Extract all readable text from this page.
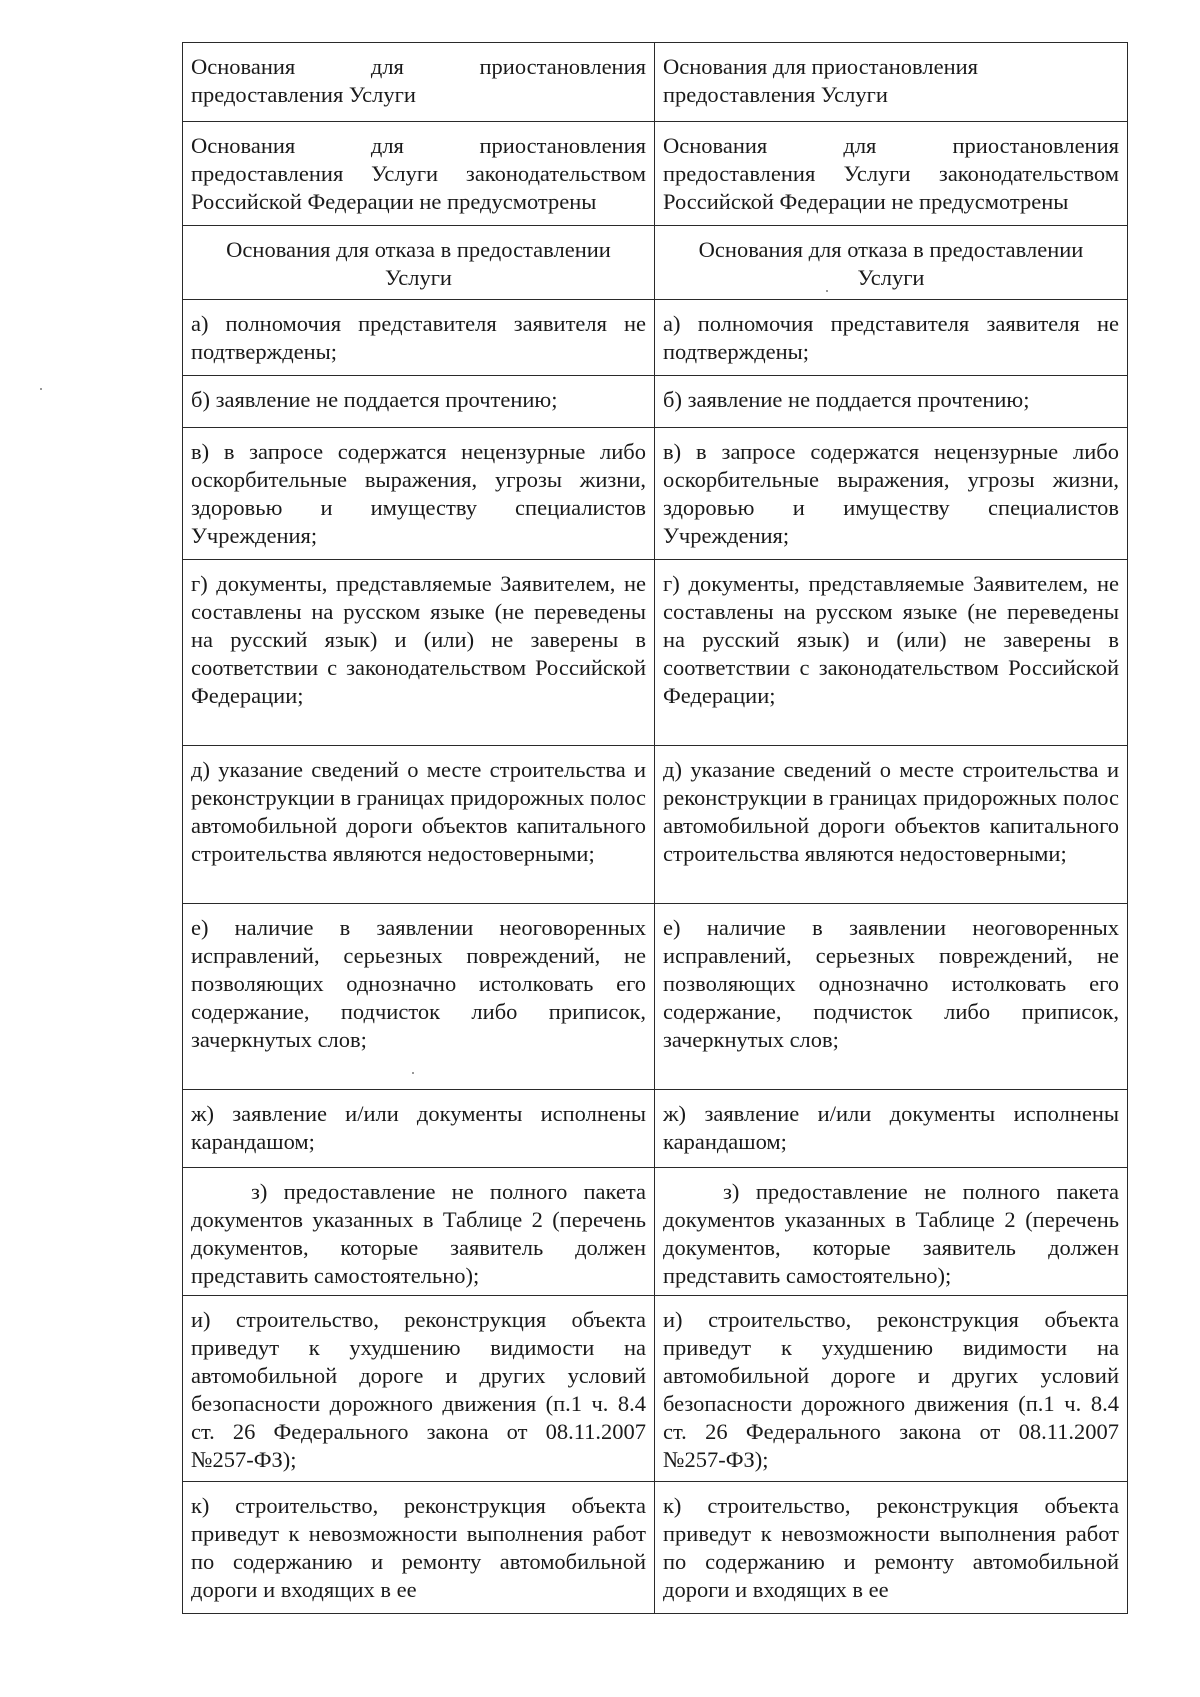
Основания для приостановления предоставления Услуги
Основания для приостановления предоставления Услуги
Основания для приостановления предоставления Услуги законодательством Российской Федерации не предусмотрены
Основания для приостановления предоставления Услуги законодательством Российской Федерации не предусмотрены
Основания для отказа в предоставлении Услуги
Основания для отказа в предоставлении Услуги
а) полномочия представителя заявителя не подтверждены;
а) полномочия представителя заявителя не подтверждены;
б) заявление не поддается прочтению;	б) заявление не поддается прочтению;
в) в запросе содержатся нецензурные либо оскорбительные выражения, угрозы жизни, здоровью и имуществу специалистов Учреждения;
в) в запросе содержатся нецензурные либо оскорбительные выражения, угрозы жизни, здоровью и имуществу специалистов Учреждения;
г) документы, представляемые Заявителем, не составлены на русском языке (не переведены на русский язык) и (или) не заверены в соответствии с законодательством Российской Федерации;
г) документы, представляемые Заявителем, не составлены на русском языке (не переведены на русский язык) и (или) не заверены в соответствии с законодательством Российской Федерации;
д) указание сведений о месте строительства и реконструкции в границах придорожных полос автомобильной дороги объектов капитального строительства являются недостоверными;
д) указание сведений о месте строительства и реконструкции в границах придорожных полос автомобильной дороги объектов капитального строительства являются недостоверными;
е) наличие в заявлении неоговоренных исправлений, серьезных повреждений, не позволяющих однозначно истолковать его содержание, подчисток либо приписок, зачеркнутых слов;
е) наличие в заявлении неоговоренных исправлений, серьезных повреждений, не позволяющих однозначно истолковать его содержание, подчисток либо приписок, зачеркнутых слов;
ж) заявление и/или документы исполнены карандашом;
ж) заявление и/или документы исполнены карандашом;
з) предоставление не полного пакета документов указанных в Таблице 2 (перечень документов, которые заявитель должен представить самостоятельно);
з) предоставление не полного пакета документов указанных в Таблице 2 (перечень документов, которые заявитель должен представить самостоятельно);
и) строительство, реконструкция объекта приведут к ухудшению видимости на автомобильной дороге и других условий безопасности дорожного движения (п.1 ч. 8.4 ст. 26 Федерального закона от 08.11.2007 №257-ФЗ);
и) строительство, реконструкция объекта приведут к ухудшению видимости на автомобильной дороге и других условий безопасности дорожного движения (п.1 ч. 8.4 ст. 26 Федерального закона от 08.11.2007 №257-ФЗ);
к) строительство, реконструкция объекта приведут к невозможности выполнения работ по содержанию и ремонту автомобильной дороги и входящих в ее
к) строительство, реконструкция объекта приведут к невозможности выполнения работ по содержанию и ремонту автомобильной дороги и входящих в ее
